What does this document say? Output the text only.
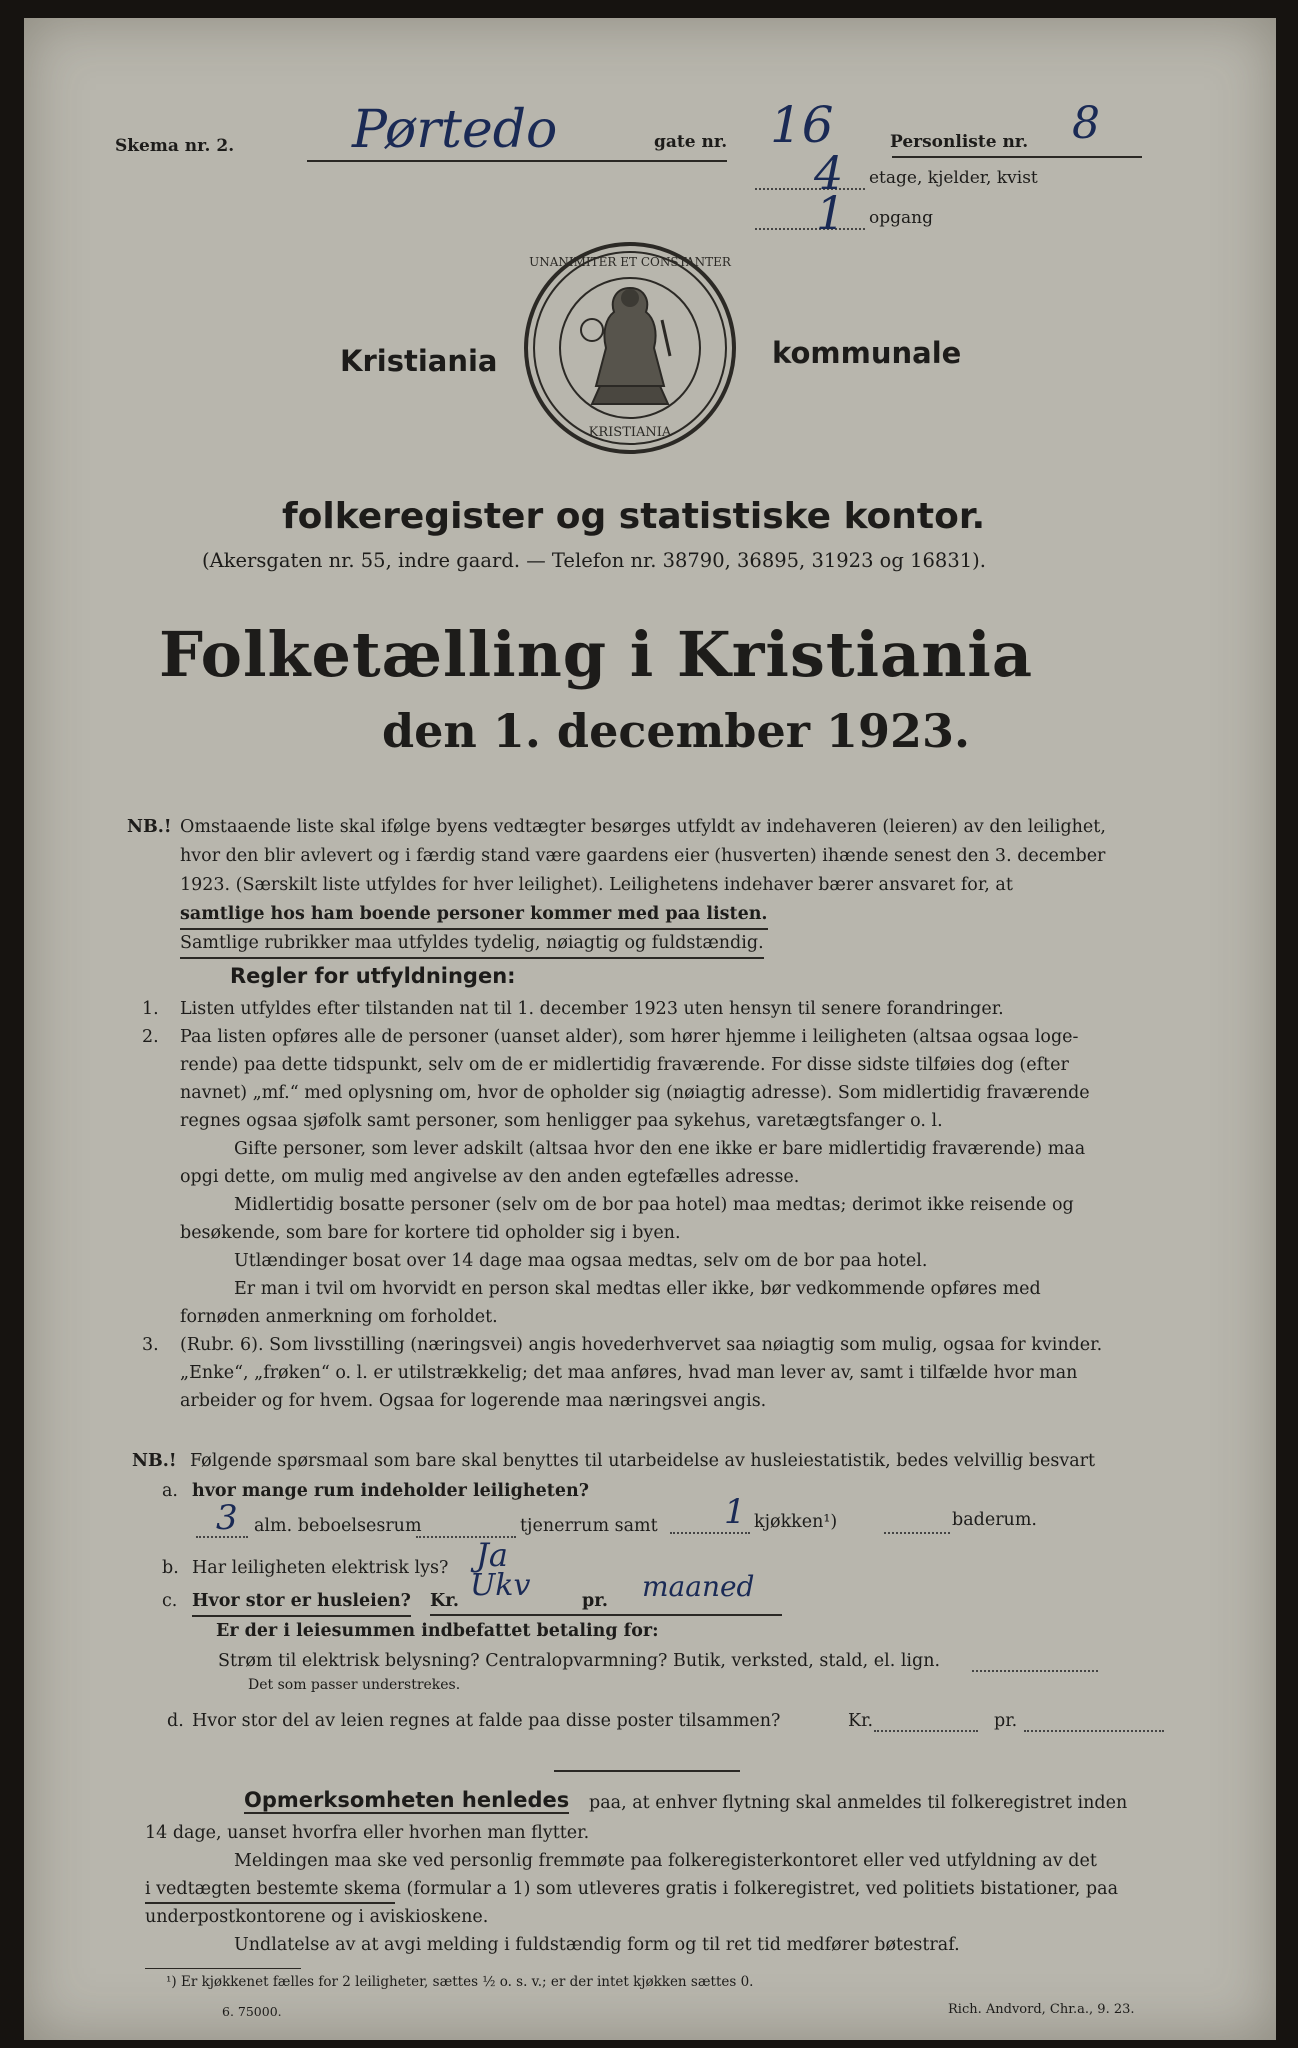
Skema nr. 2. Pørtedo	gate nr. 16	Personliste nr. 8
4 etage, kjelder, kvist
1 opgang
Kristiania	kommunale
UNANIMITER ET CONSTANTER
KRISTIANIA
folkeregister og statistiske kontor.
(Akersgaten nr. 55, indre gaard. — Telefon nr. 38790, 36895, 31923 og 16831).
Folketælling i Kristiania
den 1. december 1923.
NB.! Omstaaende liste skal ifølge byens vedtægter besørges utfyldt av indehaveren (leieren) av den leilighet,
hvor den blir avlevert og i færdig stand være gaardens eier (husverten) ihænde senest den 3. december
1923. (Særskilt liste utfyldes for hver leilighet). Leilighetens indehaver bærer ansvaret for, at
samtlige hos ham boende personer kommer med paa listen.
Samtlige rubrikker maa utfyldes tydelig, nøiagtig og fuldstændig.
Regler for utfyldningen:
1. Listen utfyldes efter tilstanden nat til 1. december 1923 uten hensyn til senere forandringer.
2. Paa listen opføres alle de personer (uanset alder), som hører hjemme i leiligheten (altsaa ogsaa loge-
rende) paa dette tidspunkt, selv om de er midlertidig fraværende. For disse sidste tilføies dog (efter
navnet) „mf.“ med oplysning om, hvor de opholder sig (nøiagtig adresse). Som midlertidig fraværende
regnes ogsaa sjøfolk samt personer, som henligger paa sykehus, varetægtsfanger o. l.
Gifte personer, som lever adskilt (altsaa hvor den ene ikke er bare midlertidig fraværende) maa
opgi dette, om mulig med angivelse av den anden egtefælles adresse.
Midlertidig bosatte personer (selv om de bor paa hotel) maa medtas; derimot ikke reisende og
besøkende, som bare for kortere tid opholder sig i byen.
Utlændinger bosat over 14 dage maa ogsaa medtas, selv om de bor paa hotel.
Er man i tvil om hvorvidt en person skal medtas eller ikke, bør vedkommende opføres med
fornøden anmerkning om forholdet.
3. (Rubr. 6). Som livsstilling (næringsvei) angis hovederhvervet saa nøiagtig som mulig, ogsaa for kvinder.
„Enke“, „frøken“ o. l. er utilstrækkelig; det maa anføres, hvad man lever av, samt i tilfælde hvor man
arbeider og for hvem. Ogsaa for logerende maa næringsvei angis.
NB.! Følgende spørsmaal som bare skal benyttes til utarbeidelse av husleiestatistik, bedes velvillig besvart
a. hvor mange rum indeholder leiligheten?
3 alm. beboelsesrum	tjenerrum samt 1 kjøkken¹)	baderum.
b. Har leiligheten elektrisk lys? Ja
c. Hvor stor er husleien? Kr. Ukv	pr. maaned
Er der i leiesummen indbefattet betaling for:
Strøm til elektrisk belysning? Centralopvarmning? Butik, verksted, stald, el. lign.
Det som passer understrekes.
d. Hvor stor del av leien regnes at falde paa disse poster tilsammen?	Kr.	pr.
Opmerksomheten henledes paa, at enhver flytning skal anmeldes til folkeregistret inden
14 dage, uanset hvorfra eller hvorhen man flytter.
Meldingen maa ske ved personlig fremmøte paa folkeregisterkontoret eller ved utfyldning av det
i vedtægten bestemte skema (formular a 1) som utleveres gratis i folkeregistret, ved politiets bistationer, paa
underpostkontorene og i aviskioskene.
Undlatelse av at avgi melding i fuldstændig form og til ret tid medfører bøtestraf.
¹) Er kjøkkenet fælles for 2 leiligheter, sættes ½ o. s. v.; er der intet kjøkken sættes 0.
6. 75000.	Rich. Andvord, Chr.a., 9. 23.
